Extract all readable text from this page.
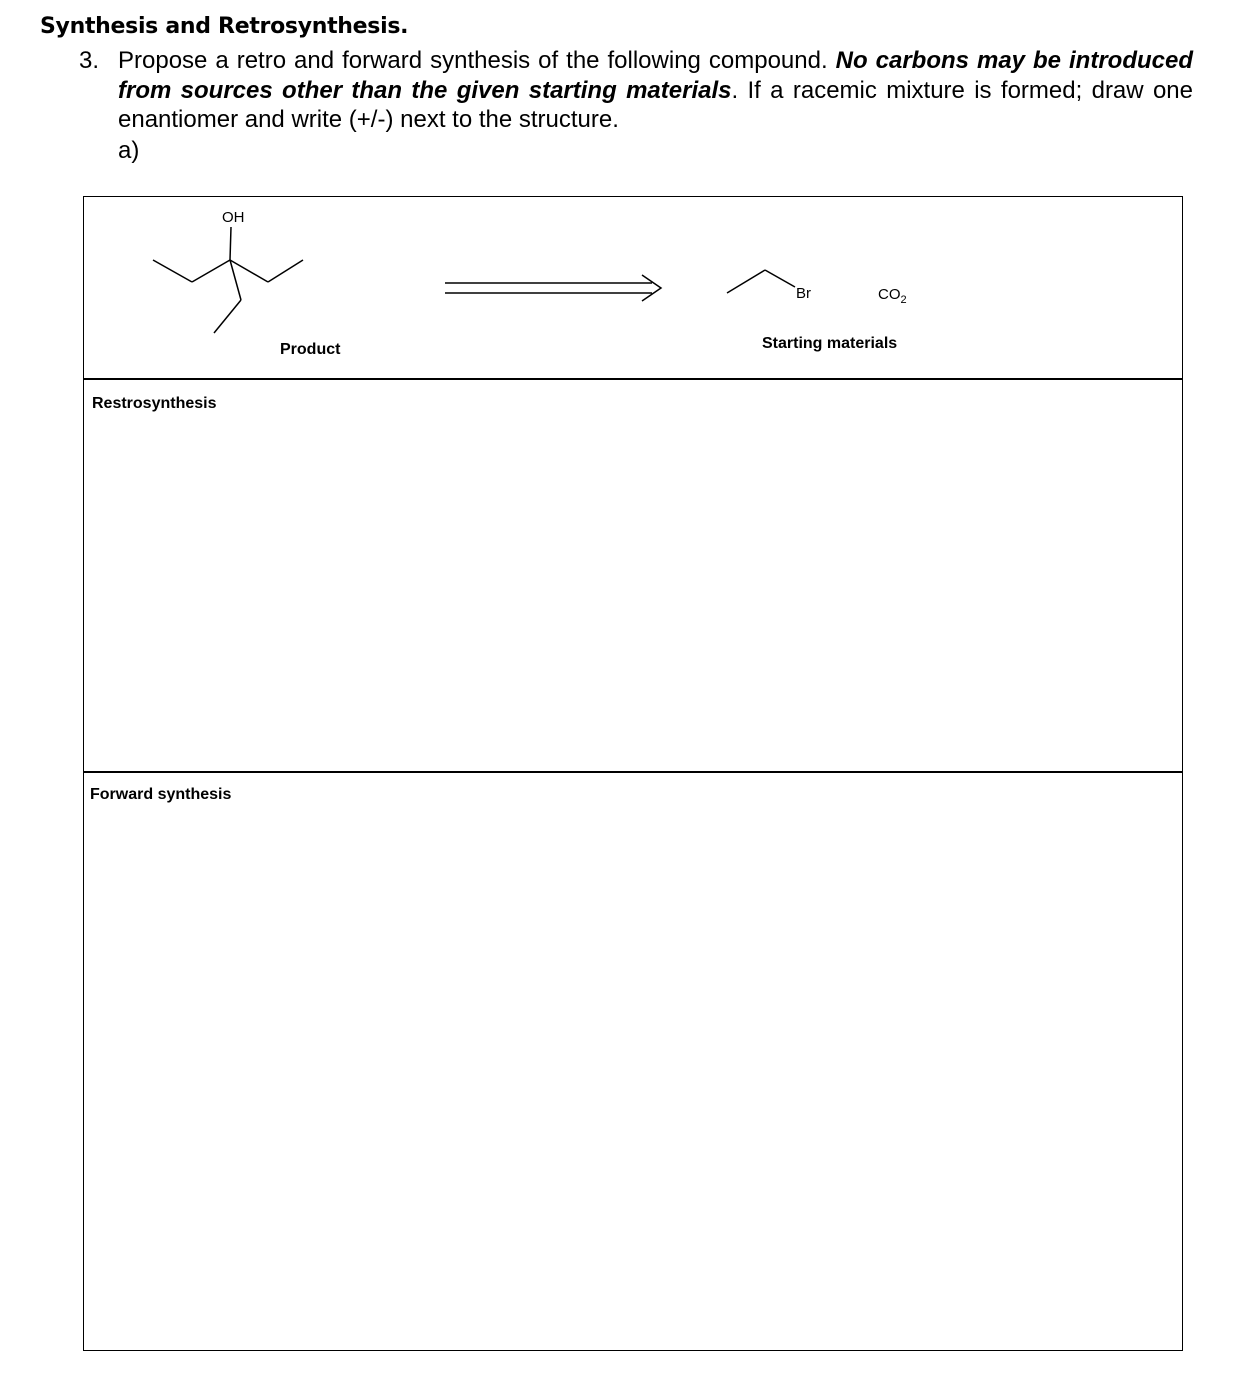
Synthesis and Retrosynthesis.
3. Propose a retro and forward synthesis of the following compound. No carbons may be introduced from sources other than the given starting materials. If a racemic mixture is formed; draw one enantiomer and write (+/-) next to the structure.
a)
OH
Br	$CO_2$
Product	Starting materials
Restrosynthesis
Forward synthesis
